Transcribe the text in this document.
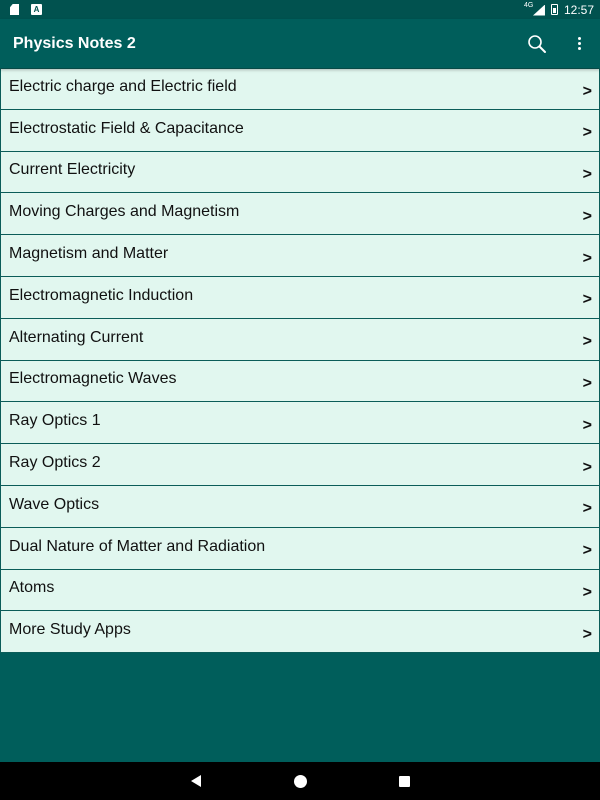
A	4G	12:57
Physics Notes 2
Electric charge and Electric field	>
Electrostatic Field & Capacitance	>
Current Electricity	>
Moving Charges and Magnetism	>
Magnetism and Matter	>
Electromagnetic Induction	>
Alternating Current	>
Electromagnetic Waves	>
Ray Optics 1	>
Ray Optics 2	>
Wave Optics	>
Dual Nature of Matter and Radiation	>
Atoms	>
More Study Apps	>
